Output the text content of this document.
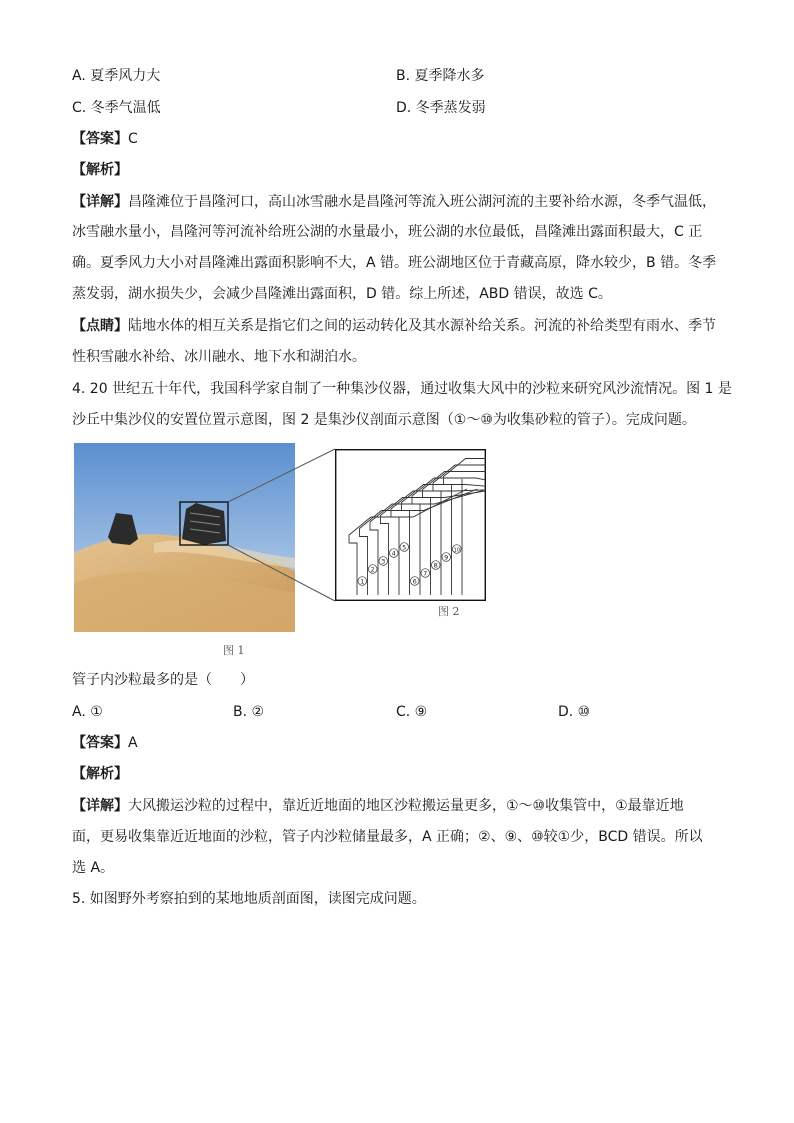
A. 夏季风力大	B. 夏季降水多
C. 冬季气温低	D. 冬季蒸发弱
【答案】C
【解析】
【详解】昌隆滩位于昌隆河口，高山冰雪融水是昌隆河等流入班公湖河流的主要补给水源，冬季气温低，
冰雪融水量小，昌隆河等河流补给班公湖的水量最小，班公湖的水位最低，昌隆滩出露面积最大，C 正
确。夏季风力大小对昌隆滩出露面积影响不大，A 错。班公湖地区位于青藏高原，降水较少，B 错。冬季
蒸发弱，湖水损失少，会减少昌隆滩出露面积，D 错。综上所述，ABD 错误，故选 C。
【点睛】陆地水体的相互关系是指它们之间的运动转化及其水源补给关系。河流的补给类型有雨水、季节
性积雪融水补给、冰川融水、地下水和湖泊水。
4. 20 世纪五十年代，我国科学家自制了一种集沙仪器，通过收集大风中的沙粒来研究风沙流情况。图 1 是
沙丘中集沙仪的安置位置示意图，图 2 是集沙仪剖面示意图（①～⑩为收集砂粒的管子）。完成问题。
图 1
1
2
3
4
5
6
7
8
9
10
图 2
管子内沙粒最多的是（　　）
A. ①	B. ②	C. ⑨	D. ⑩
【答案】A
【解析】
【详解】大风搬运沙粒的过程中，靠近近地面的地区沙粒搬运量更多，①～⑩收集管中，①最靠近地
面，更易收集靠近近地面的沙粒，管子内沙粒储量最多，A 正确；②、⑨、⑩较①少，BCD 错误。所以
选 A。
5. 如图野外考察拍到的某地地质剖面图，读图完成问题。
